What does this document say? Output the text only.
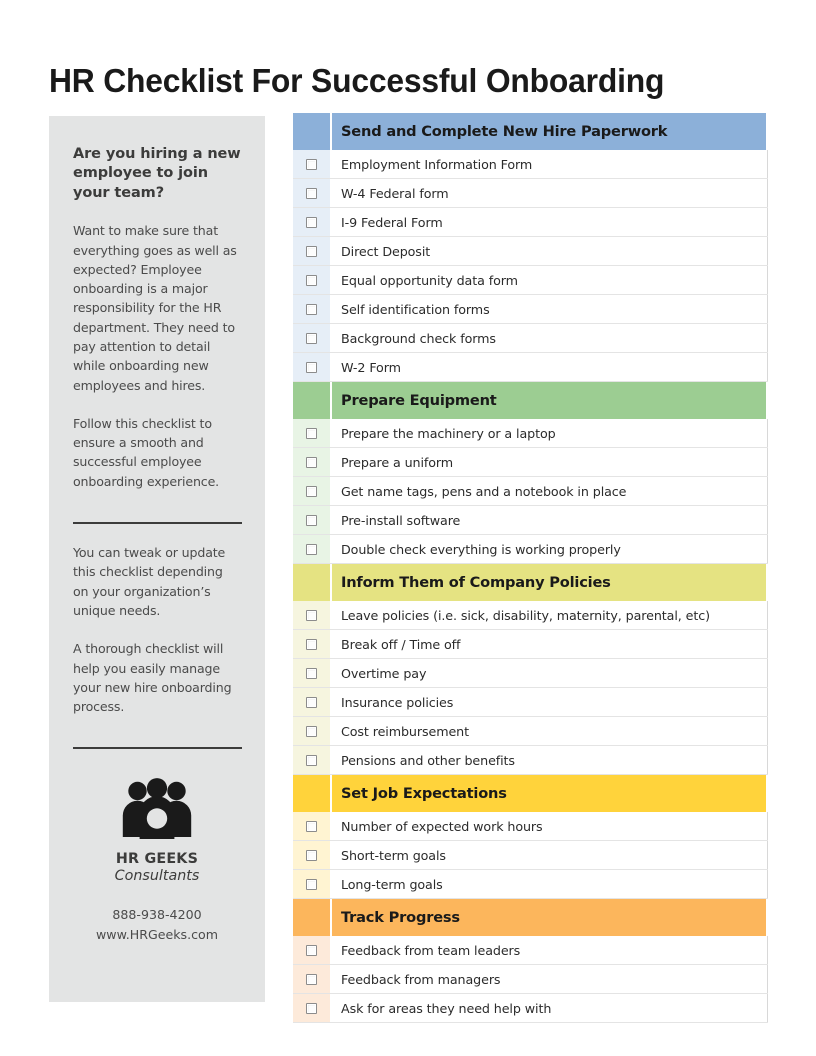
HR Checklist For Successful Onboarding
Are you hiring a new employee to join your team?

Want to make sure that everything goes as well as expected? Employee onboarding is a major responsibility for the HR department. They need to pay attention to detail while onboarding new employees and hires.

Follow this checklist to ensure a smooth and successful employee onboarding experience.

You can tweak or update this checklist depending on your organization’s unique needs.

A thorough checklist will help you easily manage your new hire onboarding process.

HR GEEKS
Consultants
888-938-4200
www.HRGeeks.com
Send and Complete New Hire Paperwork
Employment Information Form
W-4 Federal form
I-9 Federal Form
Direct Deposit
Equal opportunity data form
Self identification forms
Background check forms
W-2 Form
Prepare Equipment
Prepare the machinery or a laptop
Prepare a uniform
Get name tags, pens and a notebook in place
Pre-install software
Double check everything is working properly
Inform Them of Company Policies
Leave policies (i.e. sick, disability, maternity, parental, etc)
Break off / Time off
Overtime pay
Insurance policies
Cost reimbursement
Pensions and other benefits
Set Job Expectations
Number of expected work hours
Short-term goals
Long-term goals
Track Progress
Feedback from team leaders
Feedback from managers
Ask for areas they need help with
